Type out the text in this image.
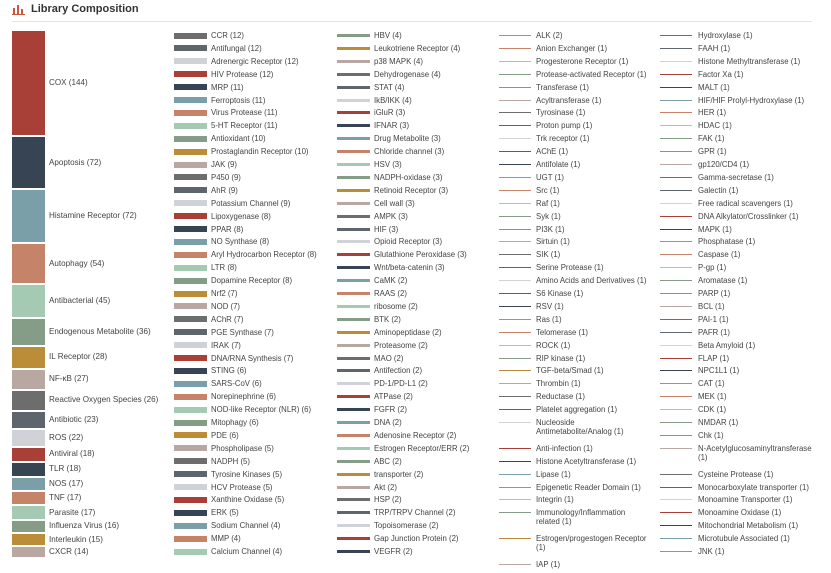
Library Composition
COX (144)
Apoptosis (72)
Histamine Receptor (72)
Autophagy (54)
Antibacterial (45)
Endogenous Metabolite (36)
IL Receptor (28)
NF-κB (27)
Reactive Oxygen Species (26)
Antibiotic (23)
ROS (22)
Antiviral (18)
TLR (18)
NOS (17)
TNF (17)
Parasite (17)
Influenza Virus (16)
Interleukin (15)
CXCR (14)
CCR (12)
Antifungal (12)
Adrenergic Receptor (12)
HIV Protease (12)
MRP (11)
Ferroptosis (11)
Virus Protease (11)
5-HT Receptor (11)
Antioxidant (10)
Prostaglandin Receptor (10)
JAK (9)
P450 (9)
AhR (9)
Potassium Channel (9)
Lipoxygenase (8)
PPAR (8)
NO Synthase (8)
Aryl Hydrocarbon Receptor (8)
LTR (8)
Dopamine Receptor (8)
Nrf2 (7)
NOD (7)
AChR (7)
PGE Synthase (7)
IRAK (7)
DNA/RNA Synthesis (7)
STING (6)
SARS-CoV (6)
Norepinephrine (6)
NOD-like Receptor (NLR) (6)
Mitophagy (6)
PDE (6)
Phospholipase (5)
NADPH (5)
Tyrosine Kinases (5)
HCV Protease (5)
Xanthine Oxidase (5)
ERK (5)
Sodium Channel (4)
MMP (4)
Calcium Channel (4)
HBV (4)
Leukotriene Receptor (4)
p38 MAPK (4)
Dehydrogenase (4)
STAT (4)
IkB/IKK (4)
iGluR (3)
IFNAR (3)
Drug Metabolite (3)
Chloride channel (3)
HSV (3)
NADPH-oxidase (3)
Retinoid Receptor (3)
Cell wall (3)
AMPK (3)
HIF (3)
Opioid Receptor (3)
Glutathione Peroxidase (3)
Wnt/beta-catenin (3)
CaMK (2)
RAAS (2)
ribosome (2)
BTK (2)
Aminopeptidase (2)
Proteasome (2)
MAO (2)
Antifection (2)
PD-1/PD-L1 (2)
ATPase (2)
FGFR (2)
DNA (2)
Adenosine Receptor (2)
Estrogen Receptor/ERR (2)
ABC (2)
transporter (2)
Akt (2)
HSP (2)
TRP/TRPV Channel (2)
Topoisomerase (2)
Gap Junction Protein (2)
VEGFR (2)
ALK (2)
Anion Exchanger (1)
Progesterone Receptor (1)
Protease-activated Receptor (1)
Transferase (1)
Acyltransferase (1)
Tyrosinase (1)
Proton pump (1)
Trk receptor (1)
AChE (1)
Antifolate (1)
UGT (1)
Src (1)
Raf (1)
Syk (1)
PI3K (1)
Sirtuin (1)
SIK (1)
Serine Protease (1)
Amino Acids and Derivatives (1)
S6 Kinase (1)
RSV (1)
Ras (1)
Telomerase (1)
ROCK (1)
RIP kinase (1)
TGF-beta/Smad (1)
Thrombin (1)
Reductase (1)
Platelet aggregation (1)
Nucleoside Antimetabolite/Analog (1)
Anti-infection (1)
Histone Acetyltransferase (1)
Lipase (1)
Epigenetic Reader Domain (1)
Integrin (1)
Immunology/Inflammation related (1)
Estrogen/progestogen Receptor (1)
IAP (1)
Hydroxylase (1)
FAAH (1)
Histone Methyltransferase (1)
Factor Xa (1)
MALT (1)
HIF/HIF Prolyl-Hydroxylase (1)
HER (1)
HDAC (1)
FAK (1)
GPR (1)
gp120/CD4 (1)
Gamma-secretase (1)
Galectin (1)
Free radical scavengers (1)
DNA Alkylator/Crosslinker (1)
MAPK (1)
Phosphatase (1)
Caspase (1)
P-gp (1)
Aromatase (1)
PARP (1)
BCL (1)
PAI-1 (1)
PAFR (1)
Beta Amyloid (1)
FLAP (1)
NPC1L1 (1)
CAT (1)
MEK (1)
CDK (1)
NMDAR (1)
Chk (1)
N-Acetylglucosaminyltransferase (1)
Cysteine Protease (1)
Monocarboxylate transporter (1)
Monoamine Transporter (1)
Monoamine Oxidase (1)
Mitochondrial Metabolism (1)
Microtubule Associated (1)
JNK (1)
